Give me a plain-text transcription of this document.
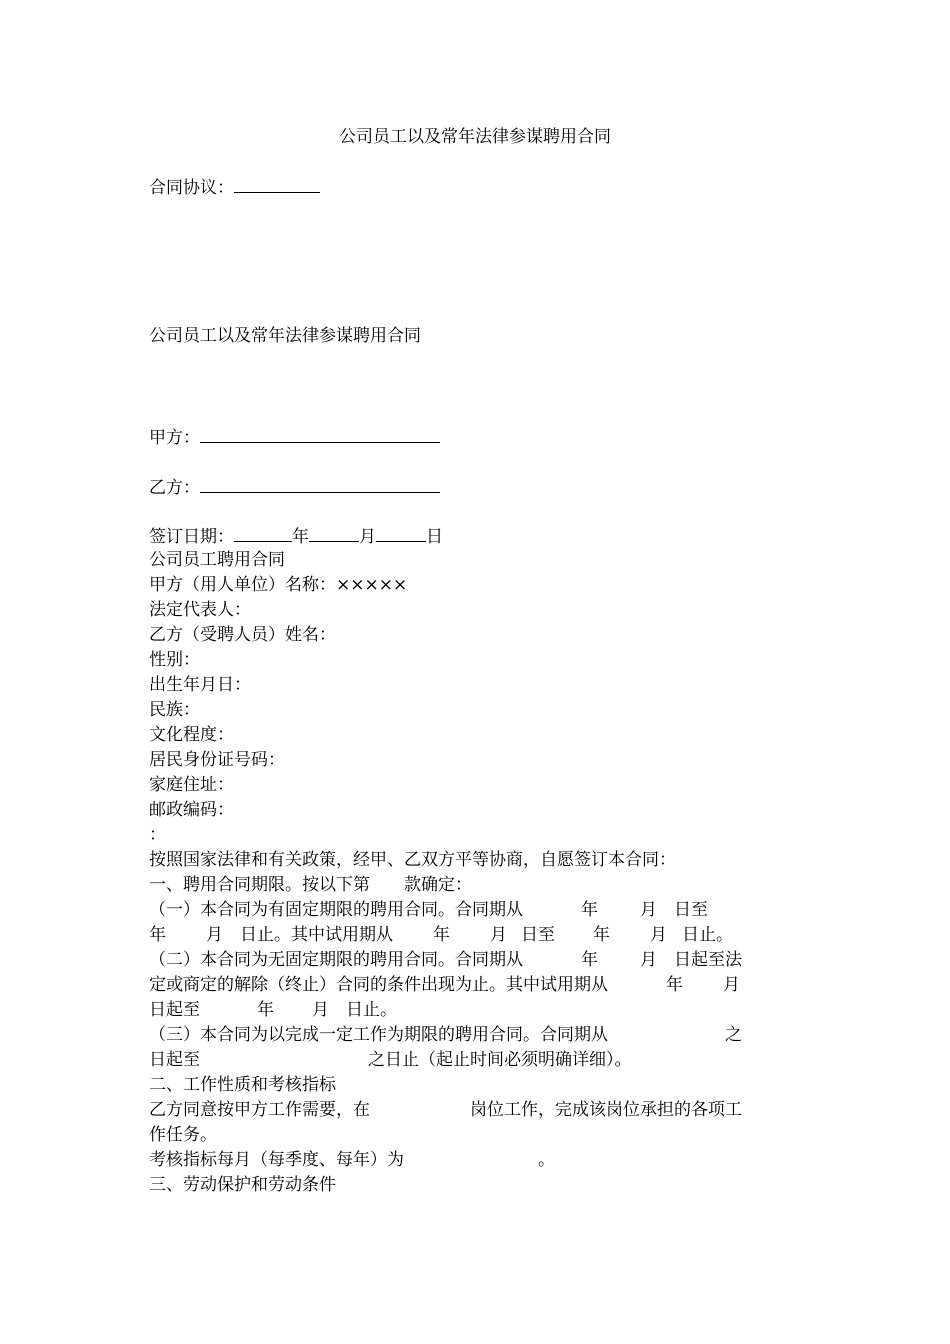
公司员工以及常年法律参谋聘用合同

合同协议：

公司员工以及常年法律参谋聘用合同

甲方：

乙方：

签订日期：	年	月	日

公司员工聘用合同

甲方（用人单位）名称：×××××

法定代表人：

乙方（受聘人员）姓名：

性别：

出生年月日：

民族：

文化程度：

居民身份证号码：

家庭住址：

邮政编码：

：

按照国家法律和有关政策，经甲、乙双方平等协商，自愿签订本合同：

一、聘用合同期限。按以下第 款确定：

（一）本合同为有固定期限的聘用合同。合同期从	年 月 日至

年 月 日止。其中试用期从 年 月 日至 年 月 日止。

（二）本合同为无固定期限的聘用合同。合同期从	年 月 日起至法

定或商定的解除（终止）合同的条件出现为止。其中试用期从	年 月

日起至	年 月 日止。

（三）本合同为以完成一定工作为期限的聘用合同。合同期从	之

日起至	之日止（起止时间必须明确详细）。

二、工作性质和考核指标

乙方同意按甲方工作需要，在	岗位工作，完成该岗位承担的各项工

作任务。

考核指标每月（每季度、每年）为	。

三、劳动保护和劳动条件
